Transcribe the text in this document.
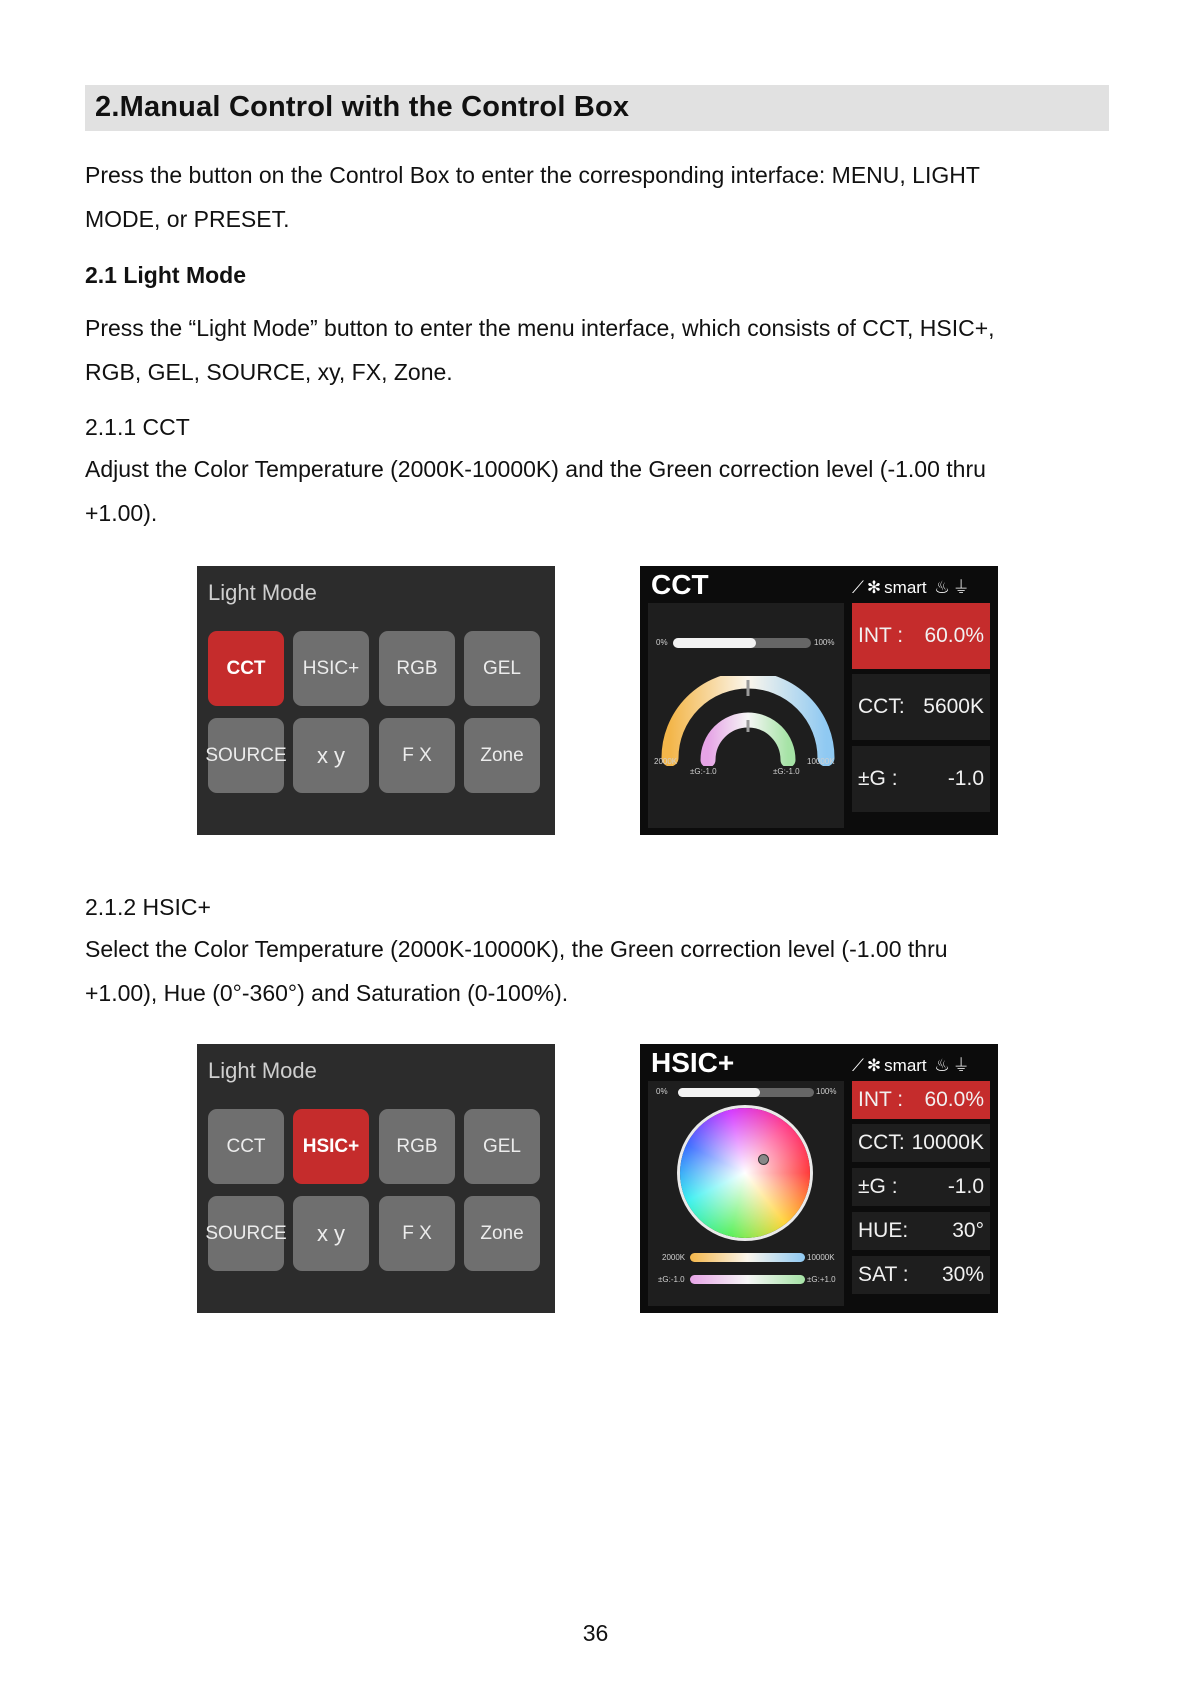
2.Manual Control with the Control Box
Press the button on the Control Box to enter the corresponding interface: MENU, LIGHT
MODE, or PRESET.
2.1 Light Mode
Press the “Light Mode” button to enter the menu interface, which consists of CCT, HSIC+,
RGB, GEL, SOURCE, xy, FX, Zone.
2.1.1 CCT
Adjust the Color Temperature (2000K-10000K) and the Green correction level (-1.00 thru
+1.00).
Light Mode
CCT	HSIC+	RGB	GEL
SOURCE	x y	F X	Zone
CCT	⟋ ✻ smart ♨ ⏚
0%	100%
2000K
±G:-1.0	±G:-1.0
10000K
INT : 60.0%
CCT: 5600K
±G : -1.0
2.1.2 HSIC+
Select the Color Temperature (2000K-10000K), the Green correction level (-1.00 thru
+1.00), Hue (0°-360°) and Saturation (0-100%).
Light Mode
CCT	HSIC+	RGB	GEL
SOURCE	x y	F X	Zone
HSIC+	⟋ ✻ smart ♨ ⏚
0%	100%
2000K	10000K
±G:-1.0	±G:+1.0
INT : 60.0%
CCT: 10000K
±G : -1.0
HUE: 30°
SAT : 30%
36
